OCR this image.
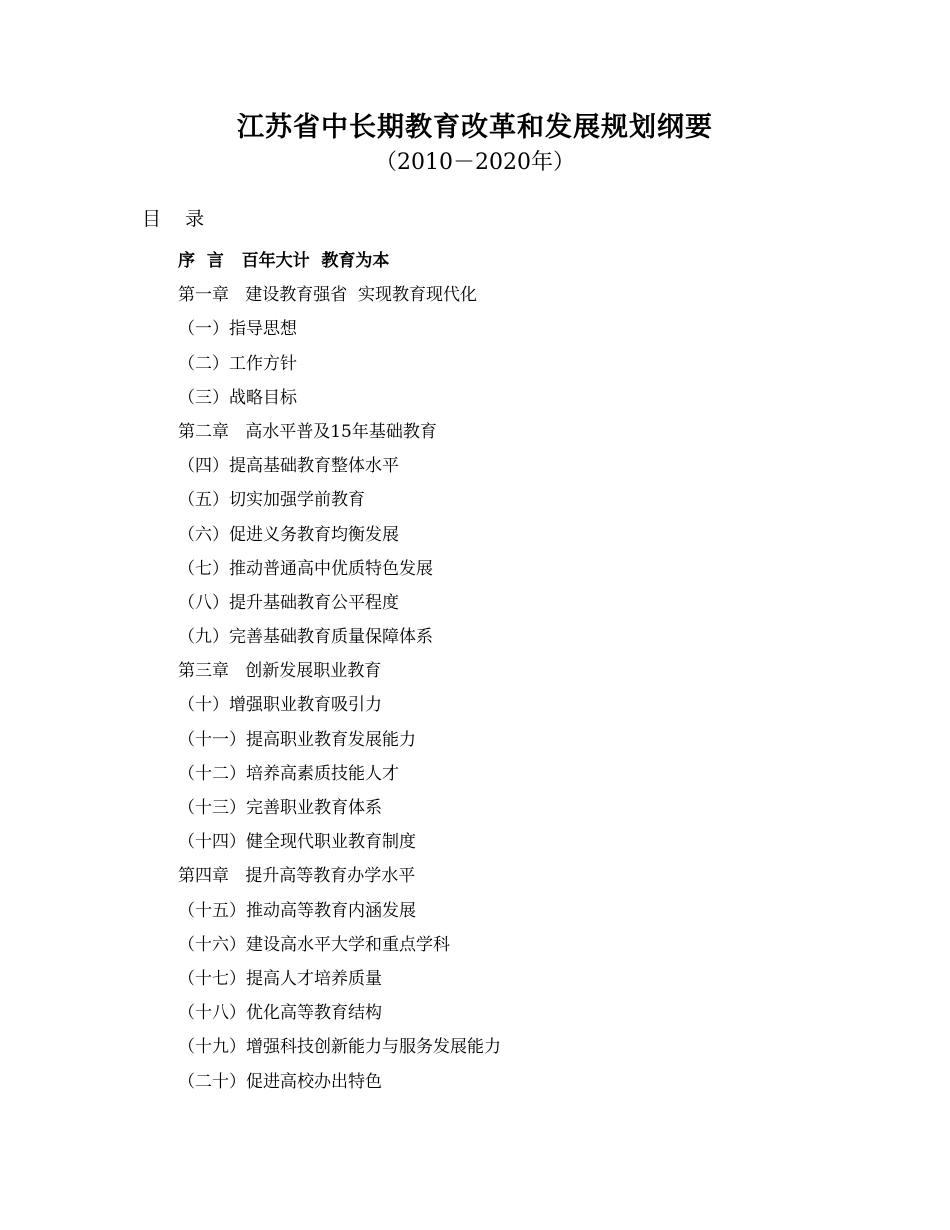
江苏省中长期教育改革和发展规划纲要
（2010－2020年）
目    录
序  言   百年大计  教育为本
第一章   建设教育强省  实现教育现代化
（一）指导思想
（二）工作方针
（三）战略目标
第二章   高水平普及15年基础教育
（四）提高基础教育整体水平
（五）切实加强学前教育
（六）促进义务教育均衡发展
（七）推动普通高中优质特色发展
（八）提升基础教育公平程度
（九）完善基础教育质量保障体系
第三章   创新发展职业教育
（十）增强职业教育吸引力
（十一）提高职业教育发展能力
（十二）培养高素质技能人才
（十三）完善职业教育体系
（十四）健全现代职业教育制度
第四章   提升高等教育办学水平
（十五）推动高等教育内涵发展
（十六）建设高水平大学和重点学科
（十七）提高人才培养质量
（十八）优化高等教育结构
（十九）增强科技创新能力与服务发展能力
（二十）促进高校办出特色
